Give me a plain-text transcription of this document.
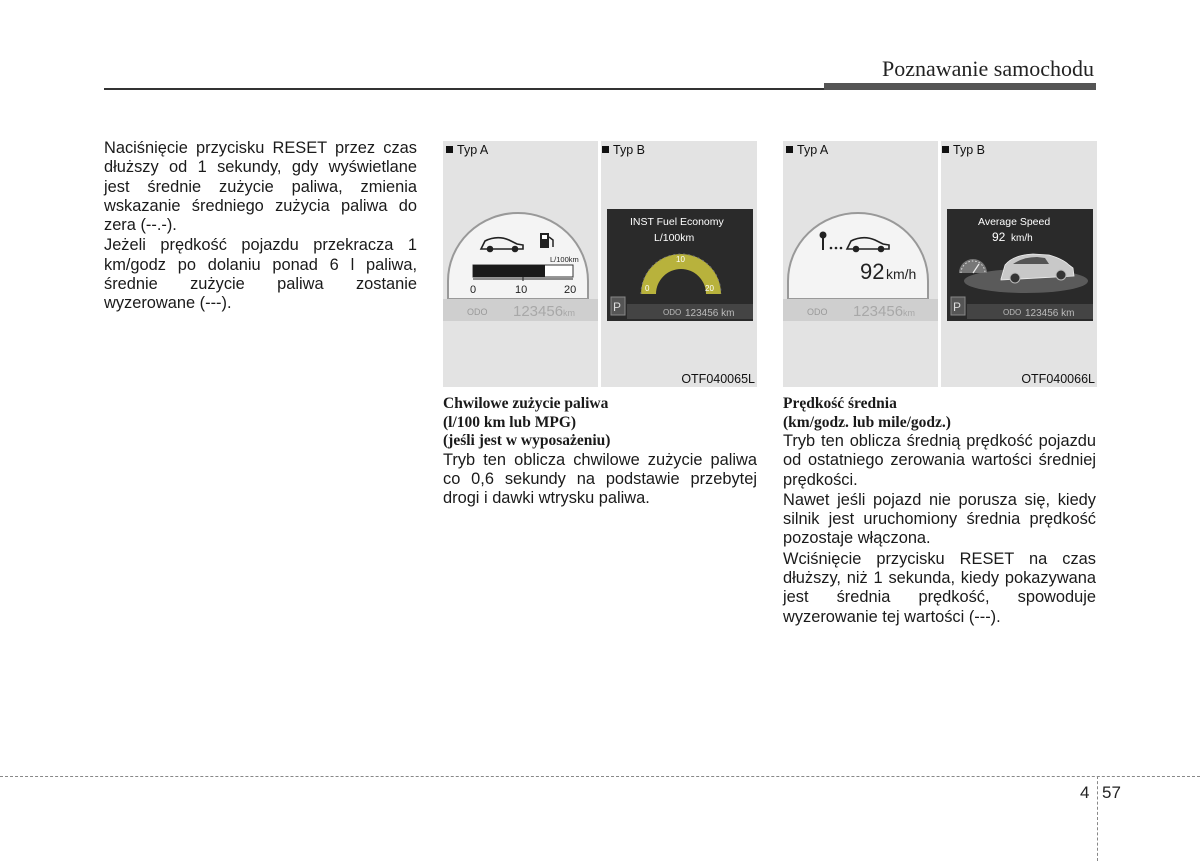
Poznawanie samochodu

Naciśnięcie przycisku RESET przez czas dłuższy od 1 sekundy, gdy wyświetlane jest średnie zużycie paliwa, zmienia wskazanie średniego zużycia paliwa do zera (--.-).

Jeżeli prędkość pojazdu przekracza 1 km/godz po dolaniu ponad 6 l paliwa, średnie zużycie paliwa zostanie wyzerowane (---).

Typ A	Typ B
L/100km
0	10	20
ODO 123456 km
INST Fuel Economy
L/100km
0
10
20
P	ODO 123456 km
OTF040065L
Typ A	Typ B
92 km/h
ODO 123456 km
Average Speed
92 km/h
P	ODO 123456 km
OTF040066L
Chwilowe zużycie paliwa
(l/100 km lub MPG)
(jeśli jest w wyposażeniu)

Tryb ten oblicza chwilowe zużycie paliwa co 0,6 sekundy na podstawie przebytej drogi i dawki wtrysku paliwa.

Prędkość średnia
(km/godz. lub mile/godz.)

Tryb ten oblicza średnią prędkość pojazdu od ostatniego zerowania wartości średniej prędkości.

Nawet jeśli pojazd nie porusza się, kiedy silnik jest uruchomiony średnia prędkość pozostaje włączona.

Wciśnięcie przycisku RESET na czas dłuższy, niż 1 sekunda, kiedy pokazywana jest średnia prędkość, spowoduje wyzerowanie tej wartości (---).

4 57
